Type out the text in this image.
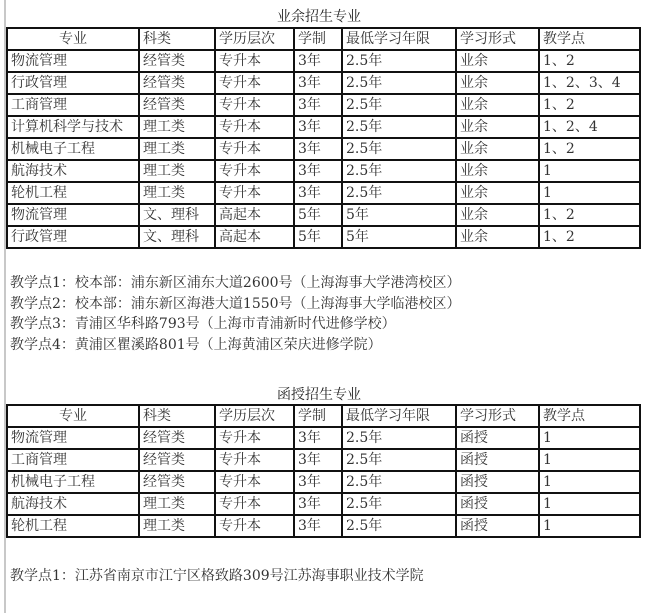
业余招生专业
专业	科类	学历层次	学制	最低学习年限	学习形式	教学点
物流管理	经管类	专升本	3年	2.5年	业余	1、2
行政管理	经管类	专升本	3年	2.5年	业余	1、2、3、4
工商管理	经管类	专升本	3年	2.5年	业余	1、2
计算机科学与技术	理工类	专升本	3年	2.5年	业余	1、2、4
机械电子工程	理工类	专升本	3年	2.5年	业余	1、2
航海技术	理工类	专升本	3年	2.5年	业余	1
轮机工程	理工类	专升本	3年	2.5年	业余	1
物流管理	文、理科	高起本	5年	5年	业余	1、2
行政管理	文、理科	高起本	5年	5年	业余	1、2
教学点1：校本部：浦东新区浦东大道2600号（上海海事大学港湾校区）
教学点2：校本部：浦东新区海港大道1550号（上海海事大学临港校区）
教学点3：青浦区华科路793号（上海市青浦新时代进修学校）
教学点4：黄浦区瞿溪路801号（上海黄浦区荣庆进修学院）
函授招生专业
专业	科类	学历层次	学制	最低学习年限	学习形式	教学点
物流管理	经管类	专升本	3年	2.5年	函授	1
工商管理	经管类	专升本	3年	2.5年	函授	1
机械电子工程	经管类	专升本	3年	2.5年	函授	1
航海技术	理工类	专升本	3年	2.5年	函授	1
轮机工程	理工类	专升本	3年	2.5年	函授	1
教学点1：江苏省南京市江宁区格致路309号江苏海事职业技术学院
